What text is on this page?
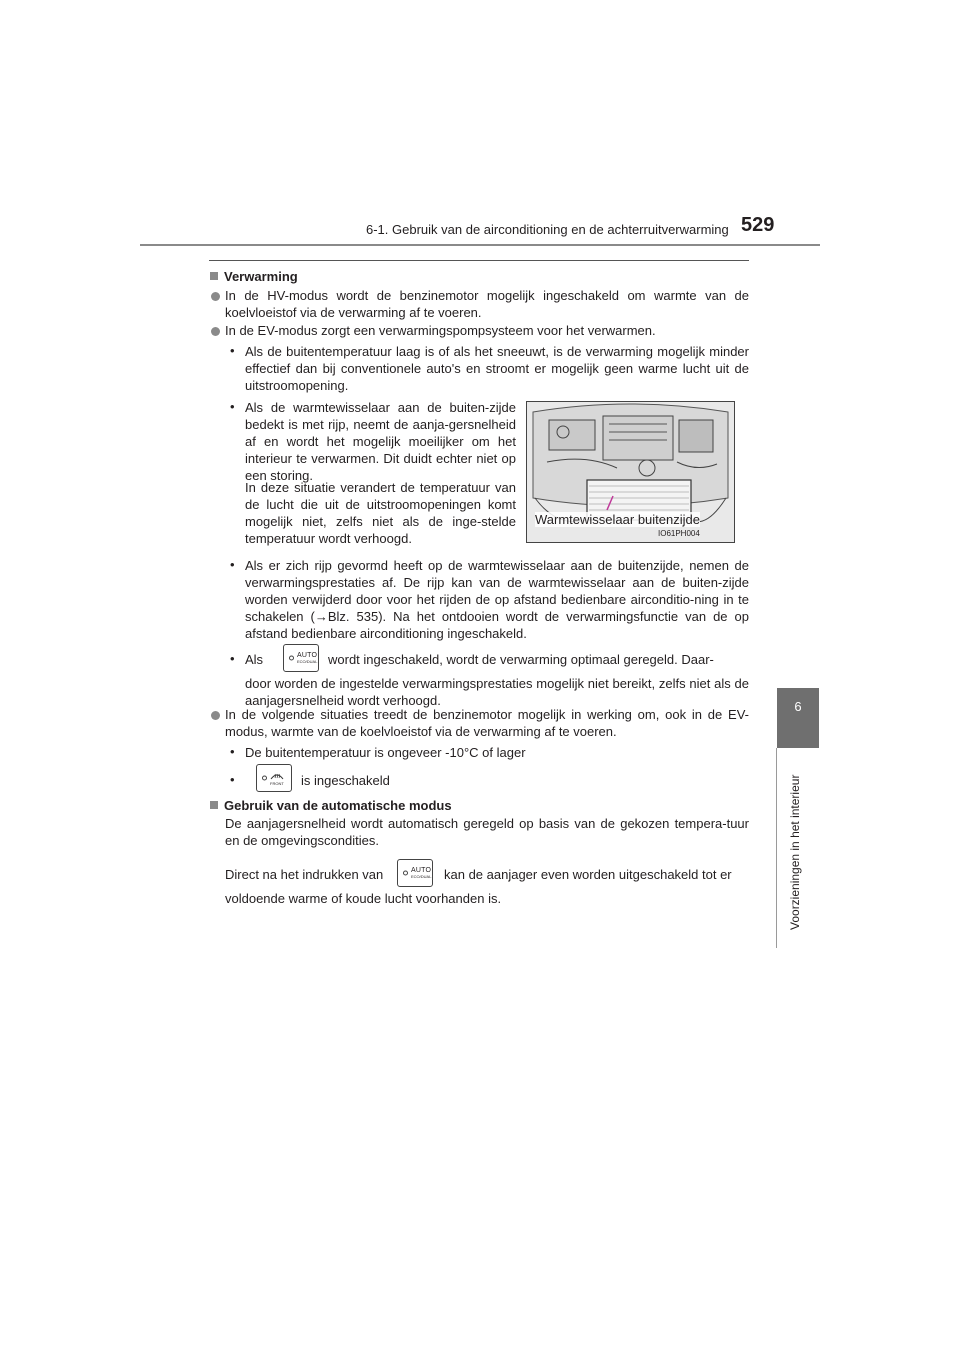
6-1. Gebruik van de airconditioning en de achterruitverwarming 529
6
Voorzieningen in het interieur
Verwarming
In de HV-modus wordt de benzinemotor mogelijk ingeschakeld om warmte van de koelvloeistof via de verwarming af te voeren.
In de EV-modus zorgt een verwarmingspompsysteem voor het verwarmen.
• Als de buitentemperatuur laag is of als het sneeuwt, is de verwarming mogelijk minder effectief dan bij conventionele auto's en stroomt er mogelijk geen warme lucht uit de uitstroomopening.
• Als de warmtewisselaar aan de buiten-zijde bedekt is met rijp, neemt de aanja-gersnelheid af en wordt het mogelijk moeilijker om het interieur te verwarmen. Dit duidt echter niet op een storing.
In deze situatie verandert de temperatuur van de lucht die uit de uitstroomopeningen komt mogelijk niet, zelfs niet als de inge-stelde temperatuur wordt verhoogd.
Warmtewisselaar buitenzijde
IO61PH004
• Als er zich rijp gevormd heeft op de warmtewisselaar aan de buitenzijde, nemen de verwarmingsprestaties af. De rijp kan van de warmtewisselaar aan de buiten-zijde worden verwijderd door voor het rijden de op afstand bedienbare airconditio-ning in te schakelen (→Blz. 535). Na het ontdooien wordt de verwarmingsfunctie van de op afstand bedienbare airconditioning ingeschakeld.
• Als	AUTO
ECO/DUAL wordt ingeschakeld, wordt de verwarming optimaal geregeld. Daar-
door worden de ingestelde verwarmingsprestaties mogelijk niet bereikt, zelfs niet als de aanjagersnelheid wordt verhoogd.
In de volgende situaties treedt de benzinemotor mogelijk in werking om, ook in de EV-modus, warmte van de koelvloeistof via de verwarming af te voeren.
• De buitentemperatuur is ongeveer -10°C of lager
•	FRONT is ingeschakeld
Gebruik van de automatische modus
De aanjagersnelheid wordt automatisch geregeld op basis van de gekozen tempera-tuur en de omgevingscondities.
Direct na het indrukken van	AUTO
ECO/DUAL kan de aanjager even worden uitgeschakeld tot er
voldoende warme of koude lucht voorhanden is.
